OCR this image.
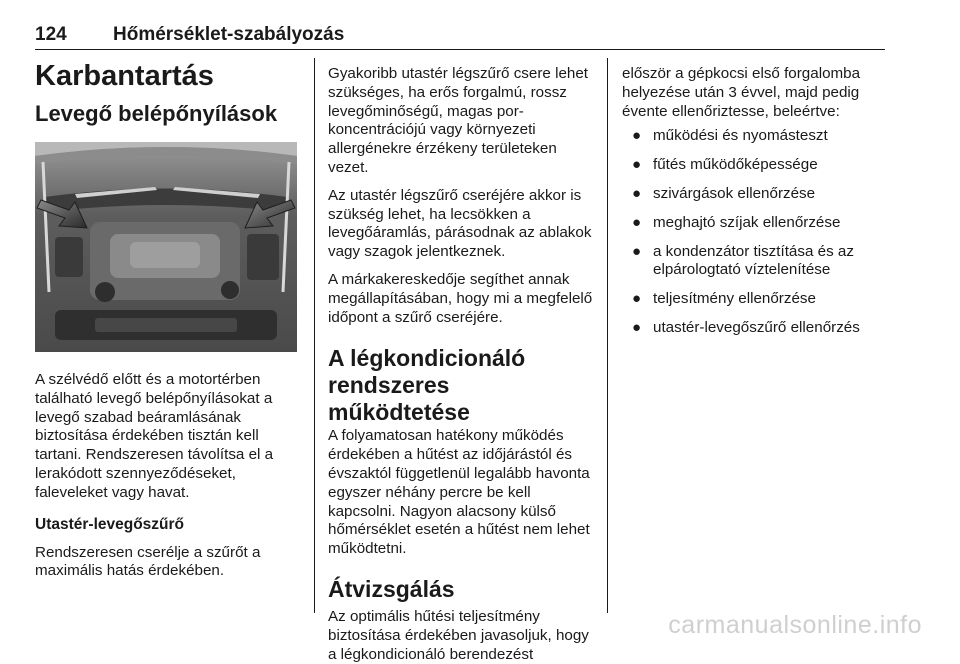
124 Hőmérséklet-szabályozás
Karbantartás
Levegő belépőnyílások

A szélvédő előtt és a motortérben található levegő belépőnyílásokat a levegő szabad beáramlásának biztosítása érdekében tisztán kell tartani. Rendszeresen távolítsa el a lerakódott szennyeződéseket, faleveleket vagy havat.

Utastér-levegőszűrő

Rendszeresen cserélje a szűrőt a maximális hatás érdekében.

Gyakoribb utastér légszűrő csere lehet szükséges, ha erős forgalmú, rossz levegőminőségű, magas por-koncentrációjú vagy környezeti allergénekre érzékeny területeken vezet.

Az utastér légszűrő cseréjére akkor is szükség lehet, ha lecsökken a levegőáramlás, párásodnak az ablakok vagy szagok jelentkeznek.

A márkakereskedője segíthet annak megállapításában, hogy mi a megfelelő időpont a szűrő cseréjére.

A légkondicionáló rendszeres működtetése

A folyamatosan hatékony működés érdekében a hűtést az időjárástól és évszaktól függetlenül legalább havonta egyszer néhány percre be kell kapcsolni. Nagyon alacsony külső hőmérséklet esetén a hűtést nem lehet működtetni.

Átvizsgálás

Az optimális hűtési teljesítmény biztosítása érdekében javasoljuk, hogy a légkondicionáló berendezést

először a gépkocsi első forgalomba helyezése után 3 évvel, majd pedig évente ellenőriztesse, beleértve:

● működési és nyomásteszt
● fűtés működőképessége
● szivárgások ellenőrzése
● meghajtó szíjak ellenőrzése
● a kondenzátor tisztítása és az elpárologtató víztelenítése
● teljesítmény ellenőrzése
● utastér-levegőszűrő ellenőrzés
carmanualsonline.info
